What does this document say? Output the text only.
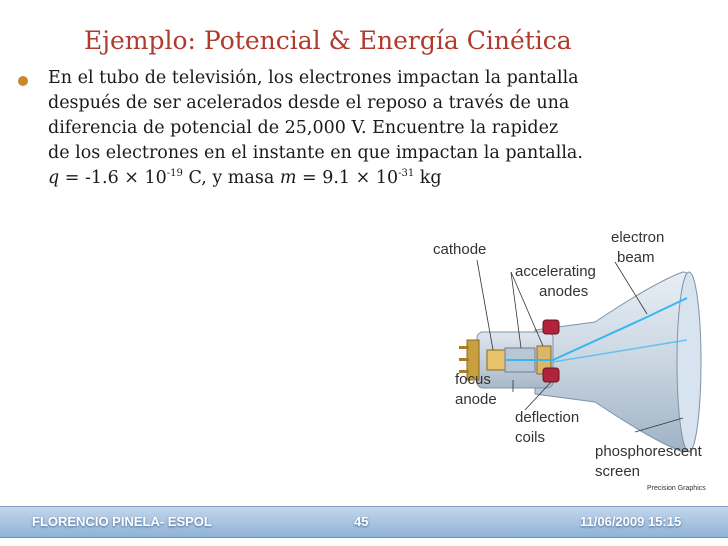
Ejemplo: Potencial & Energía Cinética
En el tubo de televisión, los electrones impactan la pantalla
después de ser acelerados desde el reposo a través de una
diferencia de potencial de 25,000 V. Encuentre la rapidez
de los electrones en el instante en que impactan la pantalla.
$q = -1.6 \times 10^{-19}$ C, y masa $m = 9.1 \times 10^{-31}$ kg
cathode
electron
beam
accelerating
anodes
focus
anode
deflection
coils
phosphorescent
screen
Precision Graphics
FLORENCIO PINELA- ESPOL	45	11/06/2009 15:15
